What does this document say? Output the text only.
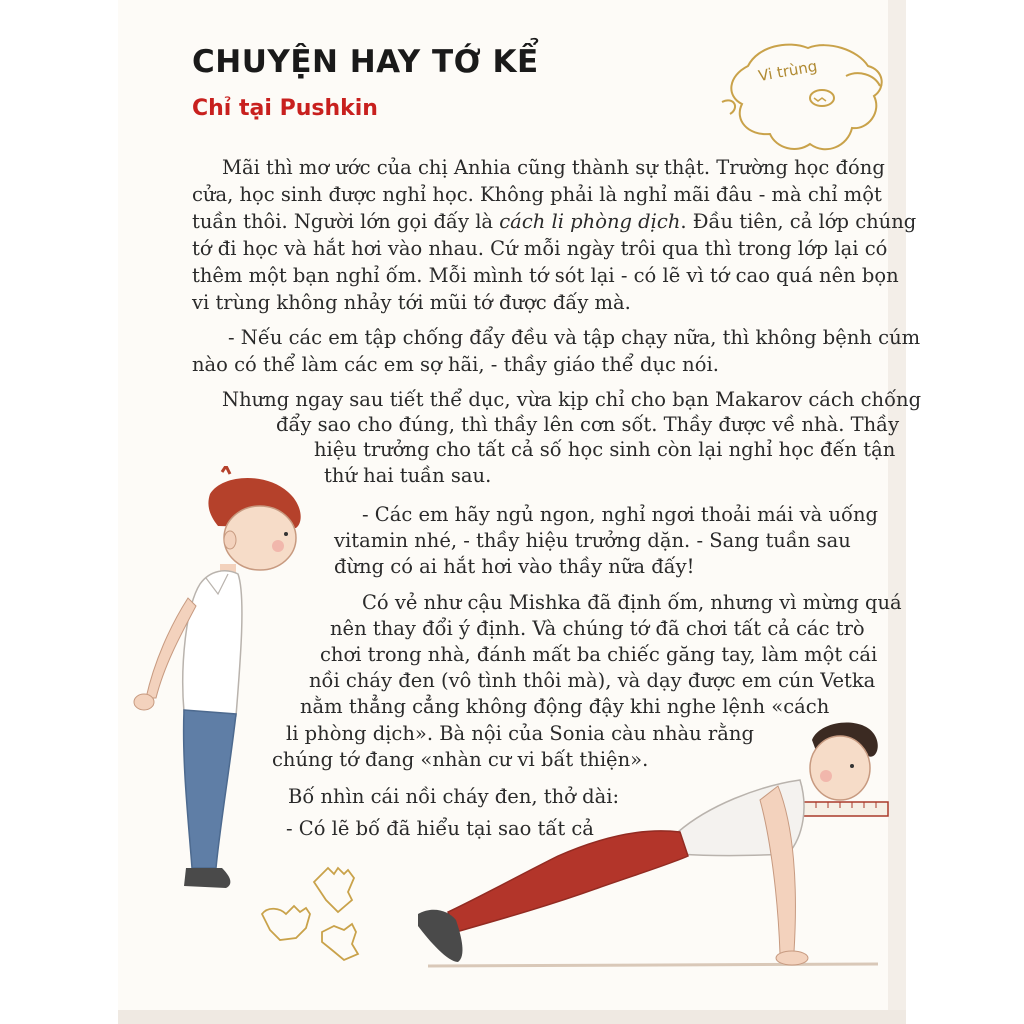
CHUYỆN HAY TỚ KỂ
Chỉ tại Pushkin
Vi trùng
Mãi thì mơ ước của chị Anhia cũng thành sự thật. Trường học đóng
cửa, học sinh được nghỉ học. Không phải là nghỉ mãi đâu - mà chỉ một
tuần thôi. Người lớn gọi đấy là cách li phòng dịch. Đầu tiên, cả lớp chúng
tớ đi học và hắt hơi vào nhau. Cứ mỗi ngày trôi qua thì trong lớp lại có
thêm một bạn nghỉ ốm. Mỗi mình tớ sót lại - có lẽ vì tớ cao quá nên bọn
vi trùng không nhảy tới mũi tớ được đấy mà.
- Nếu các em tập chống đẩy đều và tập chạy nữa, thì không bệnh cúm
nào có thể làm các em sợ hãi, - thầy giáo thể dục nói.
Nhưng ngay sau tiết thể dục, vừa kịp chỉ cho bạn Makarov cách chống
đẩy sao cho đúng, thì thầy lên cơn sốt. Thầy được về nhà. Thầy
hiệu trưởng cho tất cả số học sinh còn lại nghỉ học đến tận
thứ hai tuần sau.
- Các em hãy ngủ ngon, nghỉ ngơi thoải mái và uống
vitamin nhé, - thầy hiệu trưởng dặn. - Sang tuần sau
đừng có ai hắt hơi vào thầy nữa đấy!
Có vẻ như cậu Mishka đã định ốm, nhưng vì mừng quá
nên thay đổi ý định. Và chúng tớ đã chơi tất cả các trò
chơi trong nhà, đánh mất ba chiếc găng tay, làm một cái
nồi cháy đen (vô tình thôi mà), và dạy được em cún Vetka
nằm thẳng cẳng không động đậy khi nghe lệnh «cách
li phòng dịch». Bà nội của Sonia càu nhàu rằng
chúng tớ đang «nhàn cư vi bất thiện».
Bố nhìn cái nồi cháy đen, thở dài:
- Có lẽ bố đã hiểu tại sao tất cả
